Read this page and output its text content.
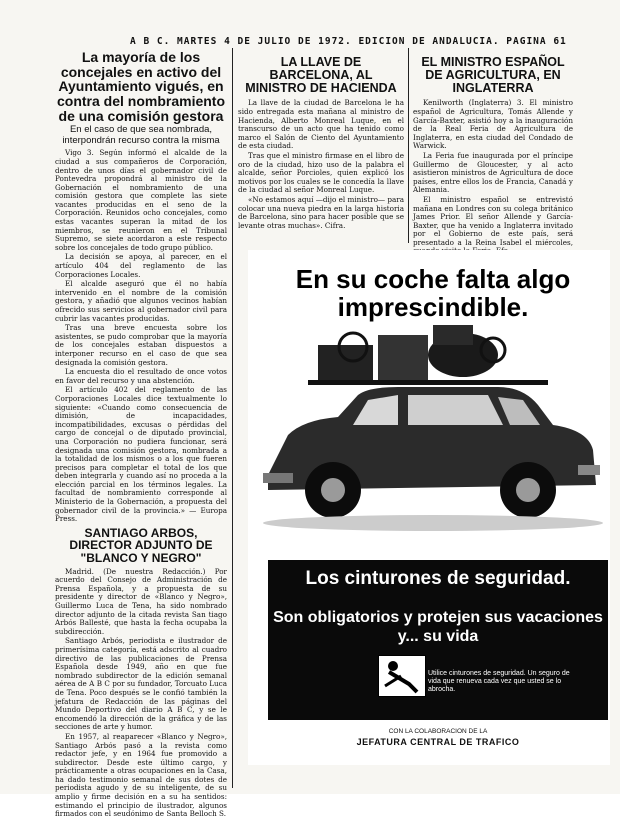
A B C. MARTES 4 DE JULIO DE 1972. EDICION DE ANDALUCIA. PAGINA 61
La mayoría de los concejales en activo del Ayuntamiento vigués, en contra del nombramiento de una comisión gestora
En el caso de que sea nombrada, interpondrán recurso contra la misma

Vigo 3. Según informó el alcalde de la ciudad a sus compañeros de Corporación, dentro de unos días el gobernador civil de Pontevedra propondrá al ministro de la Gobernación el nombramiento de una comisión gestora que complete las siete vacantes producidas en el seno de la Corporación. Reunidos ocho concejales, como estas vacantes superan la mitad de los miembros, se reunieron en el Tribunal Supremo, se siete acordaron a este respecto sobre los concejales de todo grupo público.

La decisión se apoya, al parecer, en el artículo 404 del reglamento de las Corporaciones Locales.

El alcalde aseguró que él no había intervenido en el nombre de la comisión gestora, y añadió que algunos vecinos habían ofrecido sus servicios al gobernador civil para cubrir las vacantes producidas.

Tras una breve encuesta sobre los asistentes, se pudo comprobar que la mayoría de los concejales estaban dispuestos a interponer recurso en el caso de que sea designada la comisión gestora.

La encuesta dio el resultado de once votos en favor del recurso y una abstención.

El artículo 402 del reglamento de las Corporaciones Locales dice textualmente lo siguiente: «Cuando como consecuencia de dimisión, de incapacidades, incompatibilidades, excusas o pérdidas del cargo de concejal o de diputado provincial, una Corporación no pudiera funcionar, será designada una comisión gestora, nombrada a la totalidad de los mismos o a los que fueren precisos para completar el total de los que deben integrarla y cuando así no proceda a la elección parcial en los términos legales. La facultad de nombramiento corresponde al Ministerio de la Gobernación, a propuesta del gobernador civil de la provincia.» — Europa Press.

SANTIAGO ARBOS, DIRECTOR ADJUNTO DE "BLANCO Y NEGRO"

Madrid. (De nuestra Redacción.) Por acuerdo del Consejo de Administración de Prensa Española, y a propuesta de su presidente y director de «Blanco y Negro», Guillermo Luca de Tena, ha sido nombrado director adjunto de la citada revista San tiago Arbós Ballesté, que hasta la fecha ocupaba la subdirección.

Santiago Arbós, periodista e ilustrador de primerísima categoría, está adscrito al cuadro directivo de las publicaciones de Prensa Española desde 1949, año en que fue nombrado subdirector de la edición semanal aérea de A B C por su fundador, Torcuato Luca de Tena. Poco después se le confió también la jefatura de Redacción de las páginas del Mundo Deportivo del diario A B C, y se le encomendó la dirección de la gráfica y de las secciones de arte y humor.

En 1957, al reaparecer «Blanco y Negro», Santiago Arbós pasó a la revista como redactor jefe, y en 1964 fue promovido a subdirector. Desde este último cargo, y prácticamente a otras ocupaciones en la Casa, ha dado testimonio semanal de sus dotes de periodista agudo y de su inteligente, de su amplio y firme decisión en a su ha sentidos: estimando el principio de ilustrador, algunos firmados con el seudónimo de Santa Belloch S.

LA LLAVE DE BARCELONA, AL MINISTRO DE HACIENDA

La llave de la ciudad de Barcelona le ha sido entregada esta mañana al ministro de Hacienda, Alberto Monreal Luque, en el transcurso de un acto que ha tenido como marco el Salón de Ciento del Ayuntamiento de esta ciudad.

Tras que el ministro firmase en el libro de oro de la ciudad, hizo uso de la palabra el alcalde, señor Porcioles, quien explicó los motivos por los cuales se le concedía la llave de la ciudad al señor Monreal Luque.

«No estamos aquí —dijo el ministro— para colocar una nueva piedra en la larga historia de Barcelona, sino para hacer posible que se levante otras muchas». Cifra.

EL MINISTRO ESPAÑOL DE AGRICULTURA, EN INGLATERRA

Kenilworth (Inglaterra) 3. El ministro español de Agricultura, Tomás Allende y García-Baxter, asistió hoy a la inauguración de la Real Feria de Agricultura de Inglaterra, en esta ciudad del Condado de Warwick.

La Feria fue inaugurada por el príncipe Guillermo de Gloucester, y al acto asistieron ministros de Agricultura de doce países, entre ellos los de Francia, Canadá y Alemania.

El ministro español se entrevistó mañana en Londres con su colega británico James Prior. El señor Allende y García-Baxter, que ha venido a Inglaterra invitado por el Gobierno de este país, será presentado a la Reina Isabel el miércoles,

En su coche falta algo imprescindible.
Los cinturones de seguridad.
Son obligatorios y protejen sus vacaciones y... su vida
Utilice cinturones de seguridad. Un seguro de vida que renueva cada vez que usted se lo abrocha.
CON LA COLABORACION DE LA
JEFATURA CENTRAL DE TRAFICO
